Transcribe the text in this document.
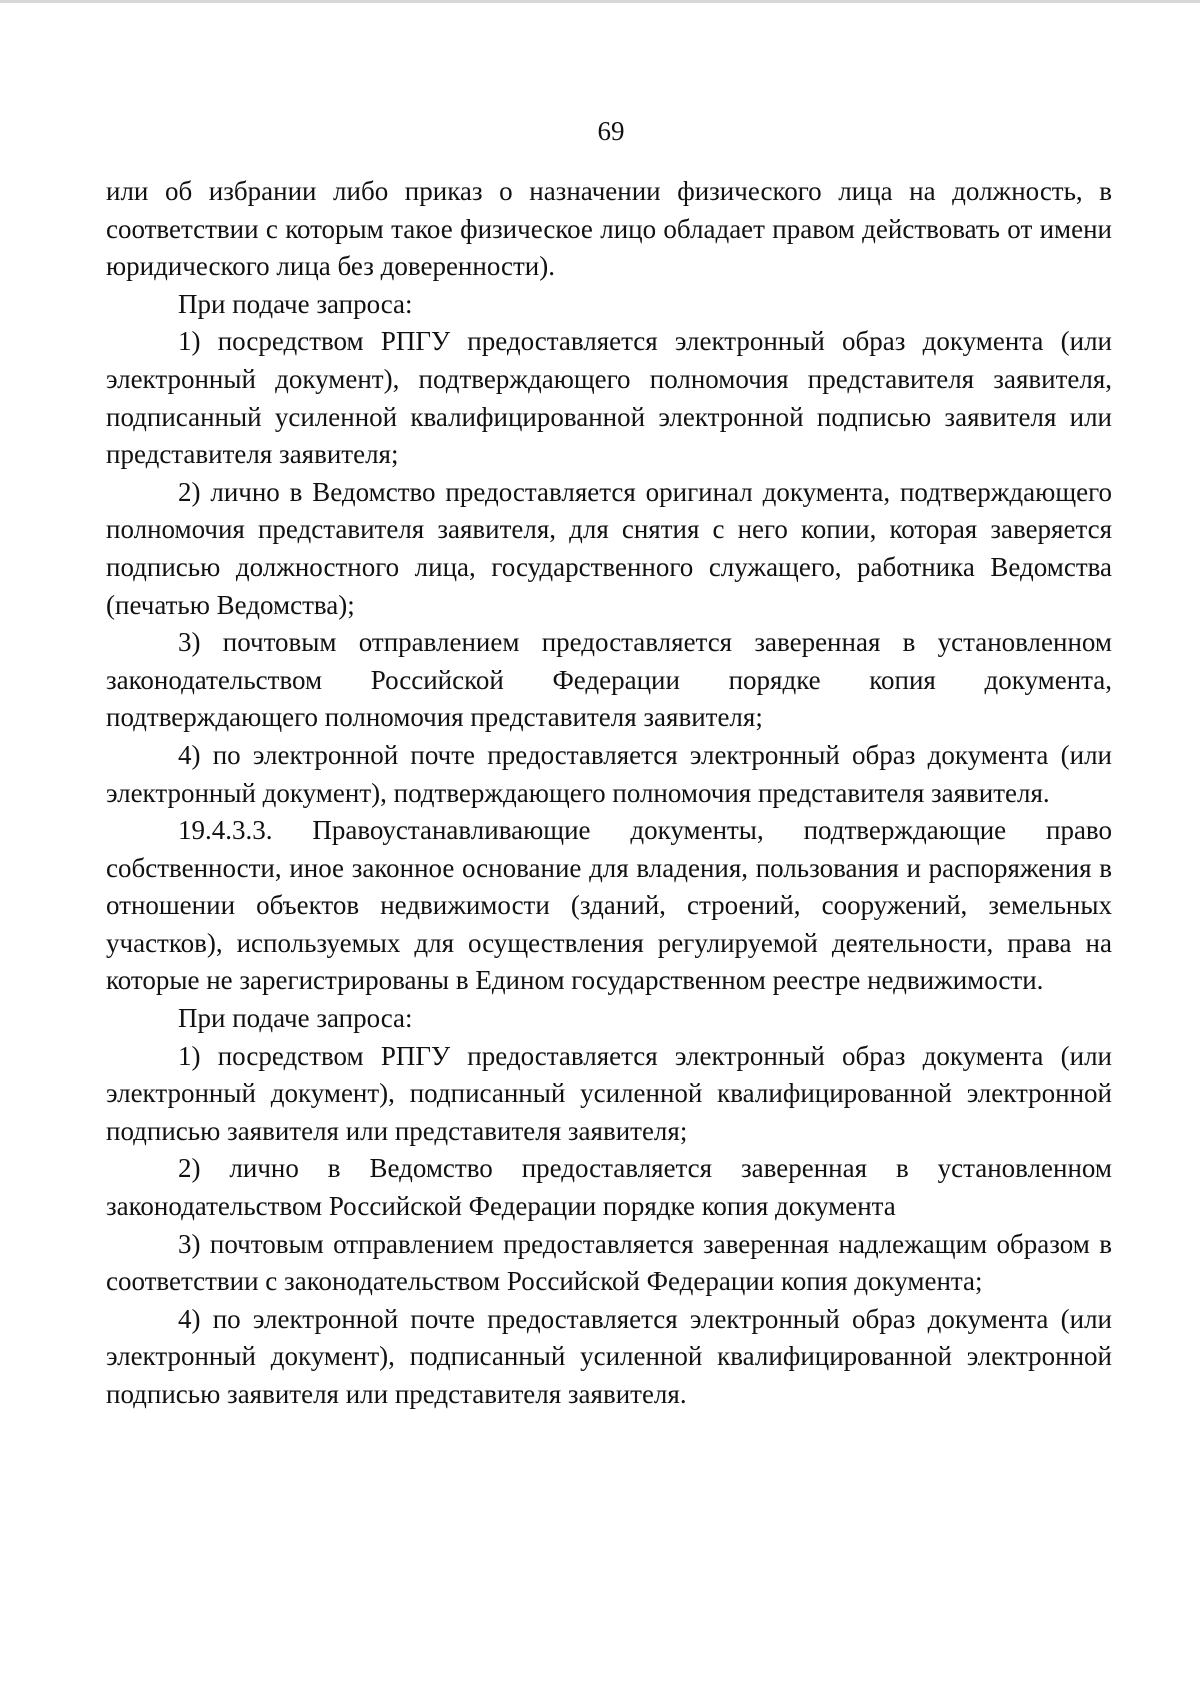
69

или об избрании либо приказ о назначении физического лица на должность, в соответствии с которым такое физическое лицо обладает правом действовать от имени юридического лица без доверенности).

При подаче запроса:

1) посредством РПГУ предоставляется электронный образ документа (или электронный документ), подтверждающего полномочия представителя заявителя, подписанный усиленной квалифицированной электронной подписью заявителя или представителя заявителя;

2) лично в Ведомство предоставляется оригинал документа, подтверждающего полномочия представителя заявителя, для снятия с него копии, которая заверяется подписью должностного лица, государственного служащего, работника Ведомства (печатью Ведомства);

3) почтовым отправлением предоставляется заверенная в установленном законодательством Российской Федерации порядке копия документа, подтверждающего полномочия представителя заявителя;

4) по электронной почте предоставляется электронный образ документа (или электронный документ), подтверждающего полномочия представителя заявителя.

19.4.3.3. Правоустанавливающие документы, подтверждающие право собственности, иное законное основание для владения, пользования и распоряжения в отношении объектов недвижимости (зданий, строений, сооружений, земельных участков), используемых для осуществления регулируемой деятельности, права на которые не зарегистрированы в Едином государственном реестре недвижимости.

При подаче запроса:

1) посредством РПГУ предоставляется электронный образ документа (или электронный документ), подписанный усиленной квалифицированной электронной подписью заявителя или представителя заявителя;

2) лично в Ведомство предоставляется заверенная в установленном законодательством Российской Федерации порядке копия документа

3) почтовым отправлением предоставляется заверенная надлежащим образом в соответствии с законодательством Российской Федерации копия документа;

4) по электронной почте предоставляется электронный образ документа (или электронный документ), подписанный усиленной квалифицированной электронной подписью заявителя или представителя заявителя.
